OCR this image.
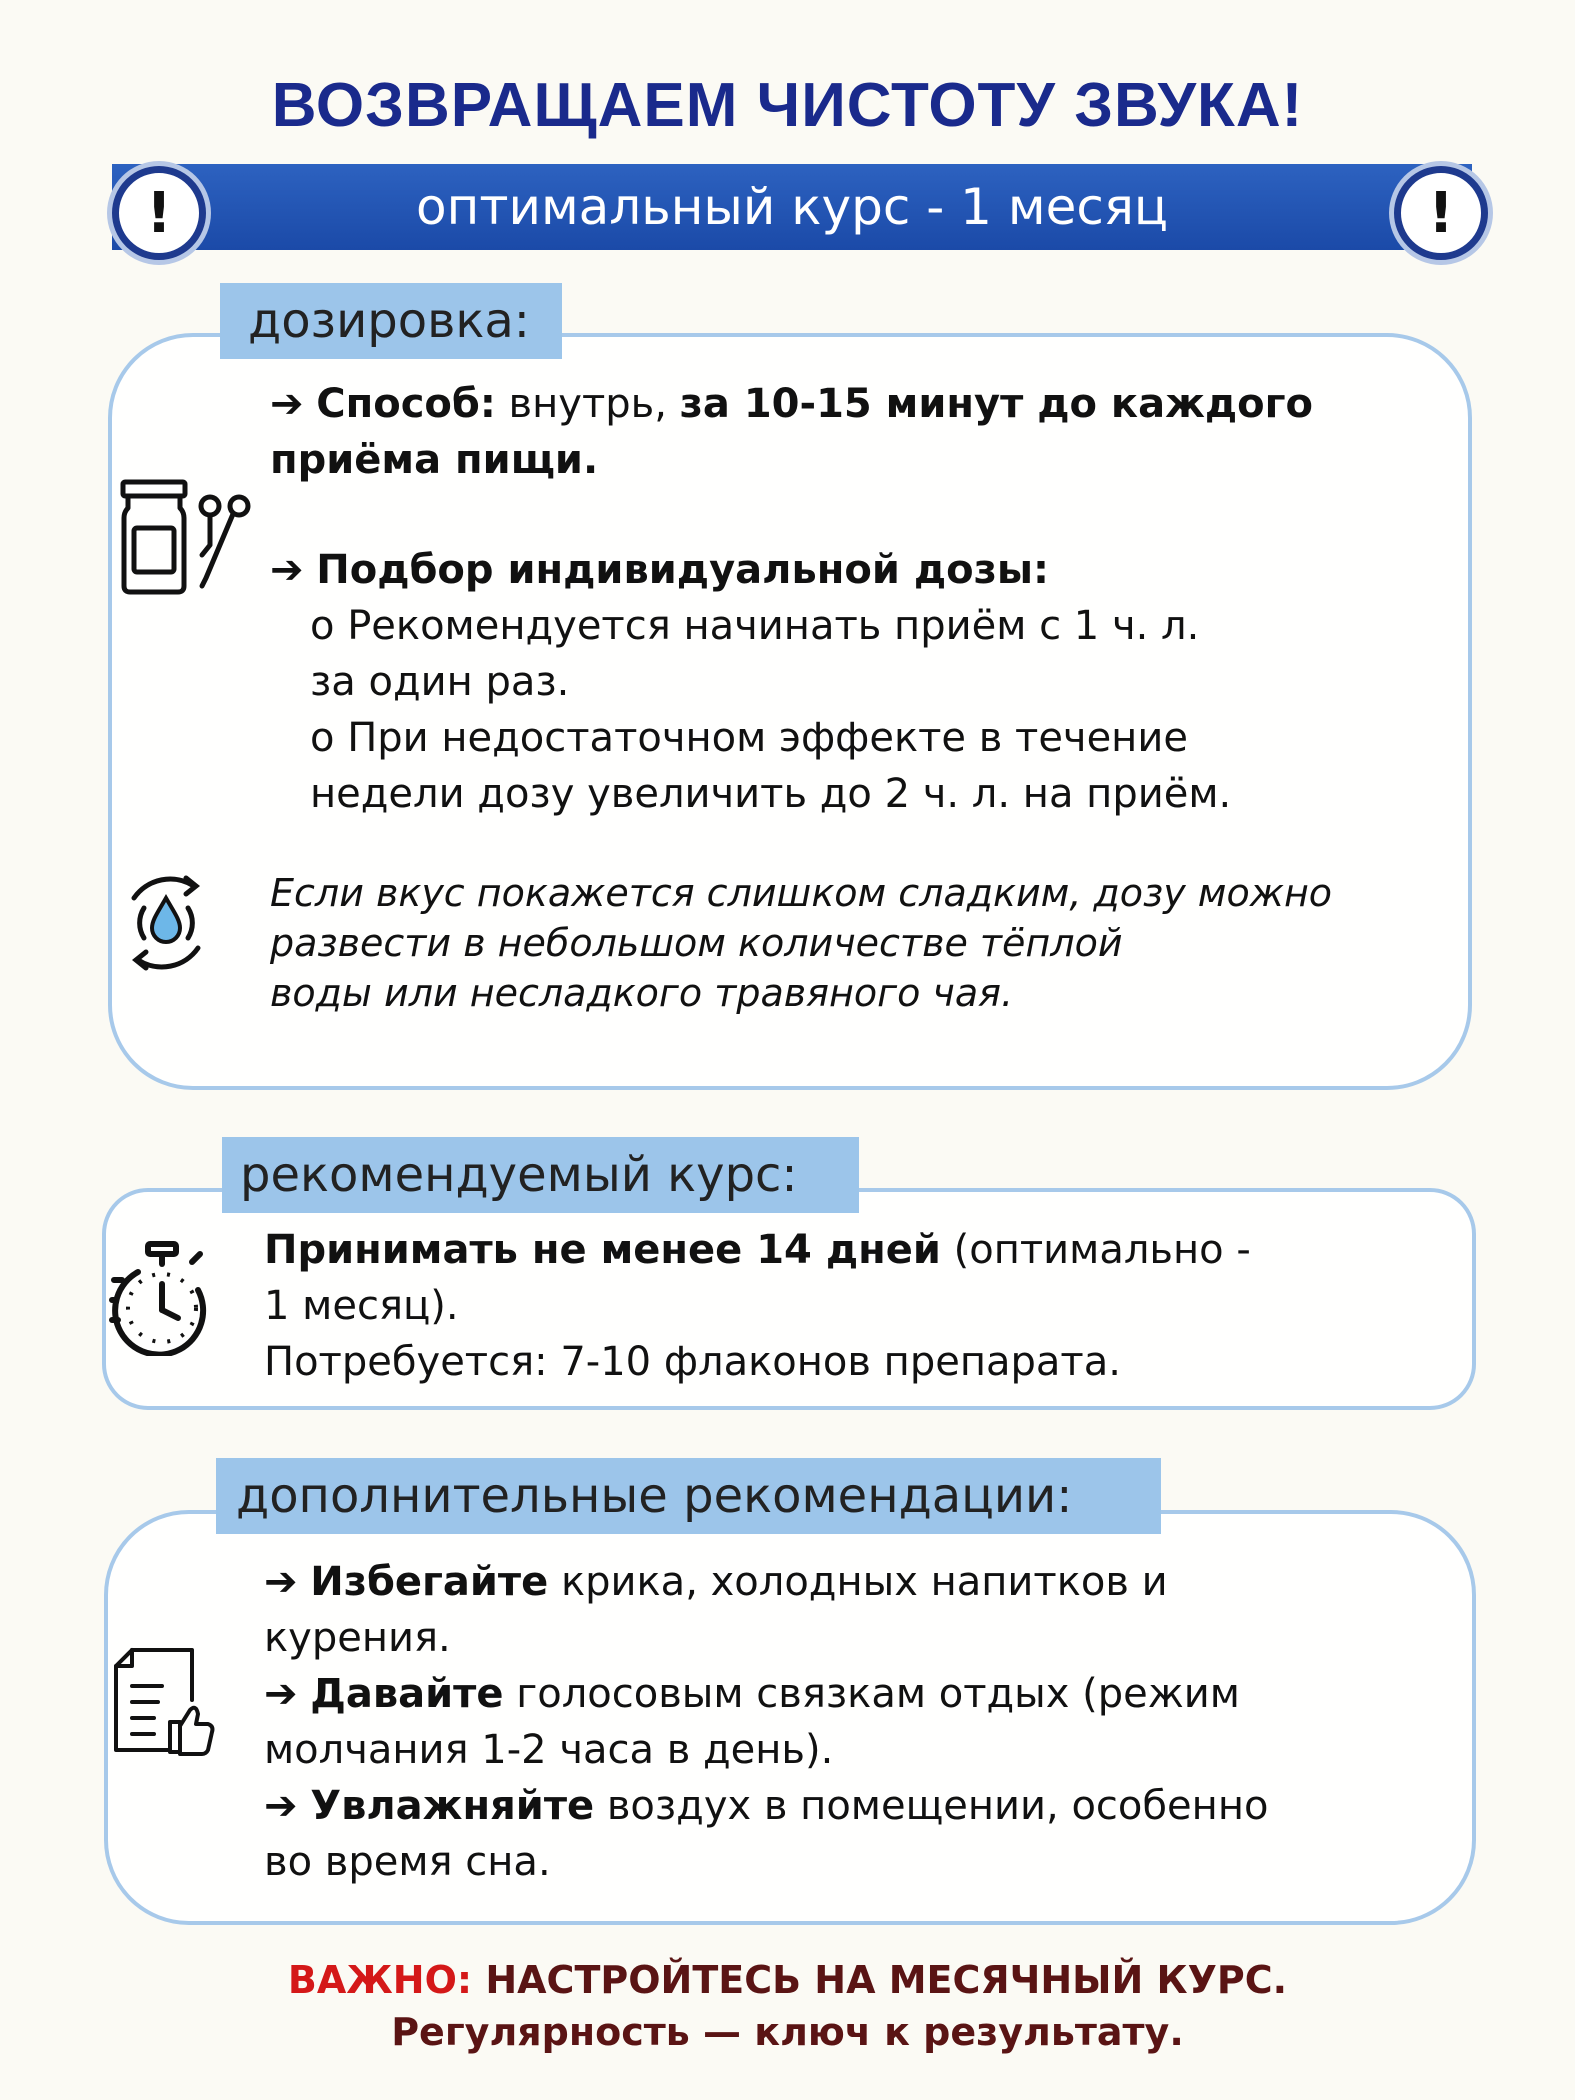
ВОЗВРАЩАЕМ ЧИСТОТУ ЗВУКА!
оптимальный курс - 1 месяц
!	!
дозировка:
➔ Способ: внутрь, за 10-15 минут до каждого приёма пищи.
➔ Подбор индивидуальной дозы:
o Рекомендуется начинать приём с 1 ч. л.
за один раз.
o При недостаточном эффекте в течение
недели дозу увеличить до 2 ч. л. на приём.
Если вкус покажется слишком сладким, дозу можно
развести в небольшом количестве тёплой
воды или несладкого травяного чая.
рекомендуемый курс:
Принимать не менее 14 дней (оптимально -
1 месяц).
Потребуется: 7-10 флаконов препарата.
дополнительные рекомендации:
➔ Избегайте крика, холодных напитков и
курения.
➔ Давайте голосовым связкам отдых (режим
молчания 1-2 часа в день).
➔ Увлажняйте воздух в помещении, особенно
во время сна.
ВАЖНО: НАСТРОЙТЕСЬ НА МЕСЯЧНЫЙ КУРС.
Регулярность — ключ к результату.
